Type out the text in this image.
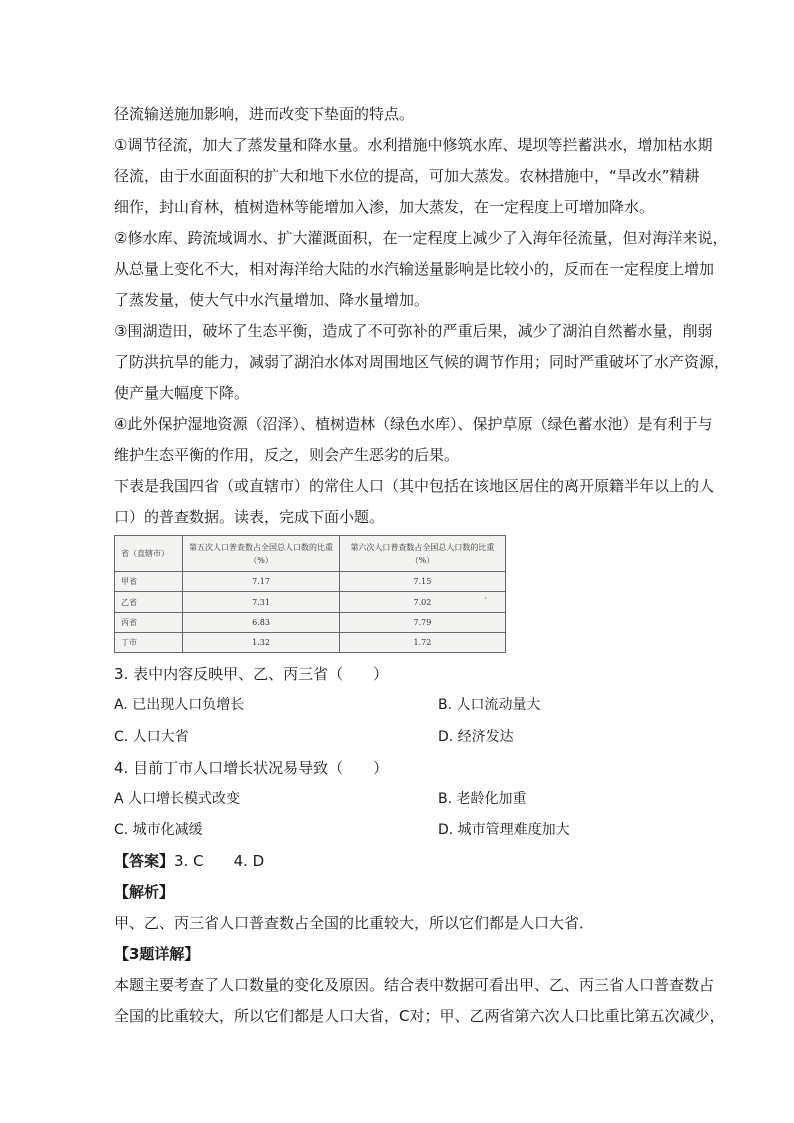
径流输送施加影响，进而改变下垫面的特点。
①调节径流，加大了蒸发量和降水量。水利措施中修筑水库、堤坝等拦蓄洪水，增加枯水期
径流，由于水面面积的扩大和地下水位的提高，可加大蒸发。农林措施中，“旱改水”精耕
细作，封山育林，植树造林等能增加入渗，加大蒸发，在一定程度上可增加降水。
②修水库、跨流域调水、扩大灌溉面积，在一定程度上减少了入海年径流量，但对海洋来说，
从总量上变化不大，相对海洋给大陆的水汽输送量影响是比较小的，反而在一定程度上增加
了蒸发量，使大气中水汽量增加、降水量增加。
③围湖造田，破坏了生态平衡，造成了不可弥补的严重后果，减少了湖泊自然蓄水量，削弱
了防洪抗旱的能力，减弱了湖泊水体对周围地区气候的调节作用；同时严重破坏了水产资源，
使产量大幅度下降。
④此外保护湿地资源（沼泽）、植树造林（绿色水库）、保护草原（绿色蓄水池）是有利于与
维护生态平衡的作用，反之，则会产生恶劣的后果。
下表是我国四省（或直辖市）的常住人口（其中包括在该地区居住的离开原籍半年以上的人
口）的普查数据。读表，完成下面小题。
省（直辖市）	第五次人口普查数占全国总人口数的比重（%）	第六次人口普查数占全国总人口数的比重（%）
甲省	7.17	7.15
乙省	7.31	7.02
丙省	6.83	7.79
丁市	1.32	1.72
`
3. 表中内容反映甲、乙、丙三省（　　）
A. 已出现人口负增长	B. 人口流动量大
C. 人口大省	D. 经济发达
4. 目前丁市人口增长状况易导致（　　）
A 人口增长模式改变	B. 老龄化加重
C. 城市化减缓	D. 城市管理难度加大
【答案】3. C　　4. D
【解析】
甲、乙、丙三省人口普查数占全国的比重较大，所以它们都是人口大省．
【3题详解】
本题主要考查了人口数量的变化及原因。结合表中数据可看出甲、乙、丙三省人口普查数占
全国的比重较大，所以它们都是人口大省，C对；甲、乙两省第六次人口比重比第五次减少，
